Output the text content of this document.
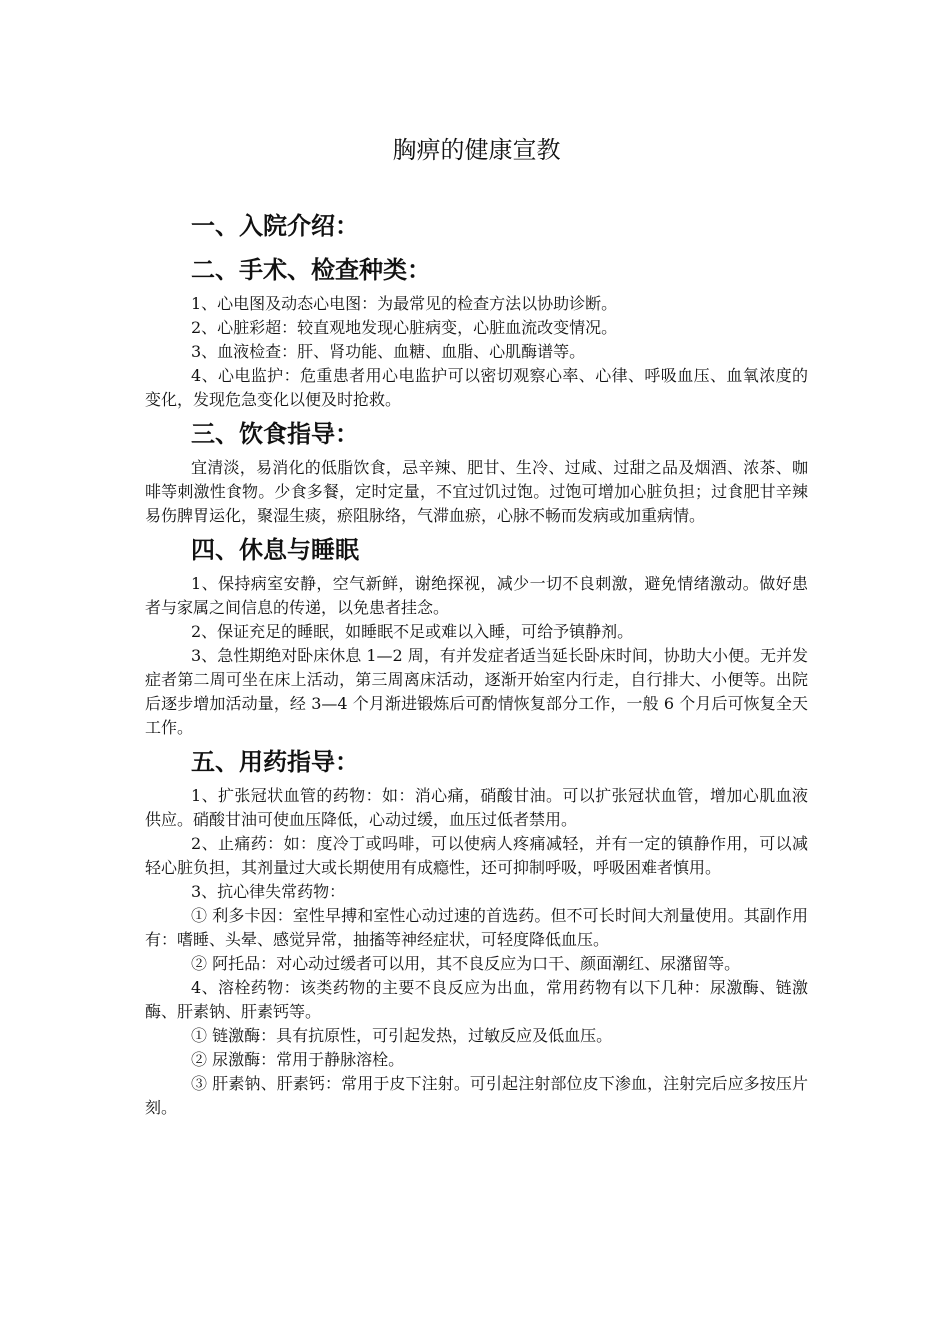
胸痹的健康宣教
一、入院介绍：
二、手术、检查种类：

1、心电图及动态心电图：为最常见的检查方法以协助诊断。

2、心脏彩超：较直观地发现心脏病变，心脏血流改变情况。

3、血液检查：肝、肾功能、血糖、血脂、心肌酶谱等。

4、心电监护：危重患者用心电监护可以密切观察心率、心律、呼吸血压、血氧浓度的变化，发现危急变化以便及时抢救。

三、饮食指导：

宜清淡，易消化的低脂饮食，忌辛辣、肥甘、生冷、过咸、过甜之品及烟酒、浓茶、咖啡等刺激性食物。少食多餐，定时定量，不宜过饥过饱。过饱可增加心脏负担；过食肥甘辛辣易伤脾胃运化，聚湿生痰，瘀阻脉络，气滞血瘀，心脉不畅而发病或加重病情。

四、休息与睡眠

1、保持病室安静，空气新鲜，谢绝探视，减少一切不良刺激，避免情绪激动。做好患者与家属之间信息的传递，以免患者挂念。

2、保证充足的睡眠，如睡眠不足或难以入睡，可给予镇静剂。

3、急性期绝对卧床休息 1—2 周，有并发症者适当延长卧床时间，协助大小便。无并发症者第二周可坐在床上活动，第三周离床活动，逐渐开始室内行走，自行排大、小便等。出院后逐步增加活动量，经 3—4 个月渐进锻炼后可酌情恢复部分工作，一般 6 个月后可恢复全天工作。

五、用药指导：

1、扩张冠状血管的药物：如：消心痛，硝酸甘油。可以扩张冠状血管，增加心肌血液供应。硝酸甘油可使血压降低，心动过缓，血压过低者禁用。

2、止痛药：如：度冷丁或吗啡，可以使病人疼痛减轻，并有一定的镇静作用，可以减轻心脏负担，其剂量过大或长期使用有成瘾性，还可抑制呼吸，呼吸困难者慎用。

3、抗心律失常药物：

① 利多卡因：室性早搏和室性心动过速的首选药。但不可长时间大剂量使用。其副作用有：嗜睡、头晕、感觉异常，抽搐等神经症状，可轻度降低血压。

② 阿托品：对心动过缓者可以用，其不良反应为口干、颜面潮红、尿潴留等。

4、溶栓药物：该类药物的主要不良反应为出血，常用药物有以下几种：尿激酶、链激酶、肝素钠、肝素钙等。

① 链激酶：具有抗原性，可引起发热，过敏反应及低血压。

② 尿激酶：常用于静脉溶栓。

③ 肝素钠、肝素钙：常用于皮下注射。可引起注射部位皮下渗血，注射完后应多按压片刻。
